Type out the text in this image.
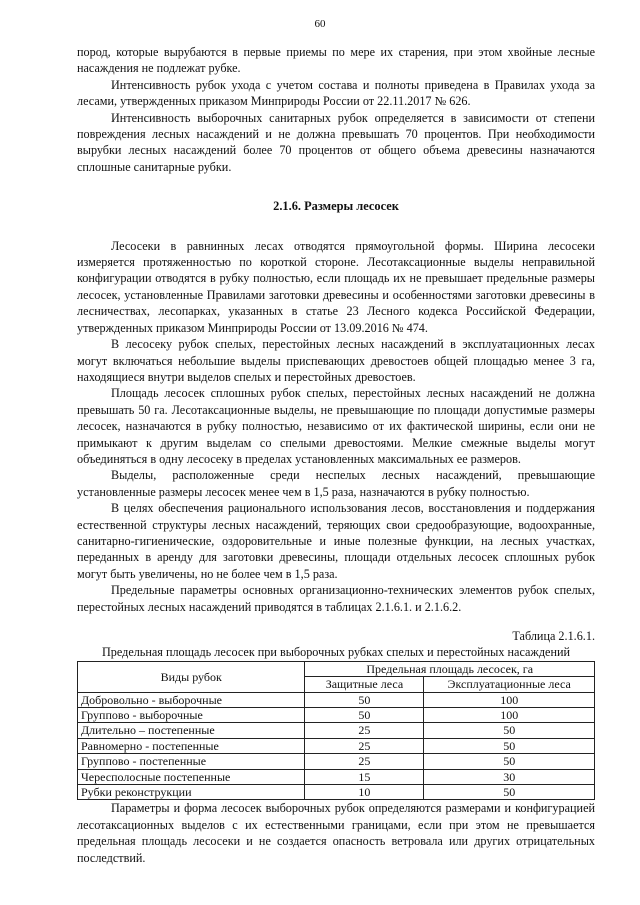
60

пород, которые вырубаются в первые приемы по мере их старения, при этом хвойные лесные насаждения не подлежат рубке.

Интенсивность рубок ухода с учетом состава и полноты приведена в Правилах ухода за лесами, утвержденных приказом Минприроды России от 22.11.2017 № 626.

Интенсивность выборочных санитарных рубок определяется в зависимости от степени повреждения лесных насаждений и не должна превышать 70 процентов. При необходимости вырубки лесных насаждений более 70 процентов от общего объема древесины назначаются сплошные санитарные рубки.

2.1.6. Размеры лесосек

Лесосеки в равнинных лесах отводятся прямоугольной формы. Ширина лесосеки измеряется протяженностью по короткой стороне. Лесотаксационные выделы неправильной конфигурации отводятся в рубку полностью, если площадь их не превышает предельные размеры лесосек, установленные Правилами заготовки древесины и особенностями заготовки древесины в лесничествах, лесопарках, указанных в статье 23 Лесного кодекса Российской Федерации, утвержденных приказом Минприроды России от 13.09.2016 № 474.

В лесосеку рубок спелых, перестойных лесных насаждений в эксплуатационных лесах могут включаться небольшие выделы приспевающих древостоев общей площадью менее 3 га, находящиеся внутри выделов спелых и перестойных древостоев.

Площадь лесосек сплошных рубок спелых, перестойных лесных насаждений не должна превышать 50 га. Лесотаксационные выделы, не превышающие по площади допустимые размеры лесосек, назначаются в рубку полностью, независимо от их фактической ширины, если они не примыкают к другим выделам со спелыми древостоями. Мелкие смежные выделы могут объединяться в одну лесосеку в пределах установленных максимальных ее размеров.

Выделы, расположенные среди неспелых лесных насаждений, превышающие установленные размеры лесосек менее чем в 1,5 раза, назначаются в рубку полностью.

В целях обеспечения рационального использования лесов, восстановления и поддержания естественной структуры лесных насаждений, теряющих свои средообразующие, водоохранные, санитарно-гигиенические, оздоровительные и иные полезные функции, на лесных участках, переданных в аренду для заготовки древесины, площади отдельных лесосек сплошных рубок могут быть увеличены, но не более чем в 1,5 раза.

Предельные параметры основных организационно-технических элементов рубок спелых, перестойных лесных насаждений приводятся в таблицах 2.1.6.1. и 2.1.6.2.

Таблица 2.1.6.1.
Предельная площадь лесосек при выборочных рубках спелых и перестойных насаждений
Виды рубок	Предельная площадь лесосек, га	
	Защитные леса	Эксплуатационные леса
Добровольно - выборочные	50	100
Группово - выборочные	50	100
Длительно – постепенные	25	50
Равномерно - постепенные	25	50
Группово - постепенные	25	50
Чересполосные постепенные	15	30
Рубки реконструкции	10	50

Параметры и форма лесосек выборочных рубок определяются размерами и конфигурацией лесотаксационных выделов с их естественными границами, если при этом не превышается предельная площадь лесосеки и не создается опасность ветровала или других отрицательных последствий.
